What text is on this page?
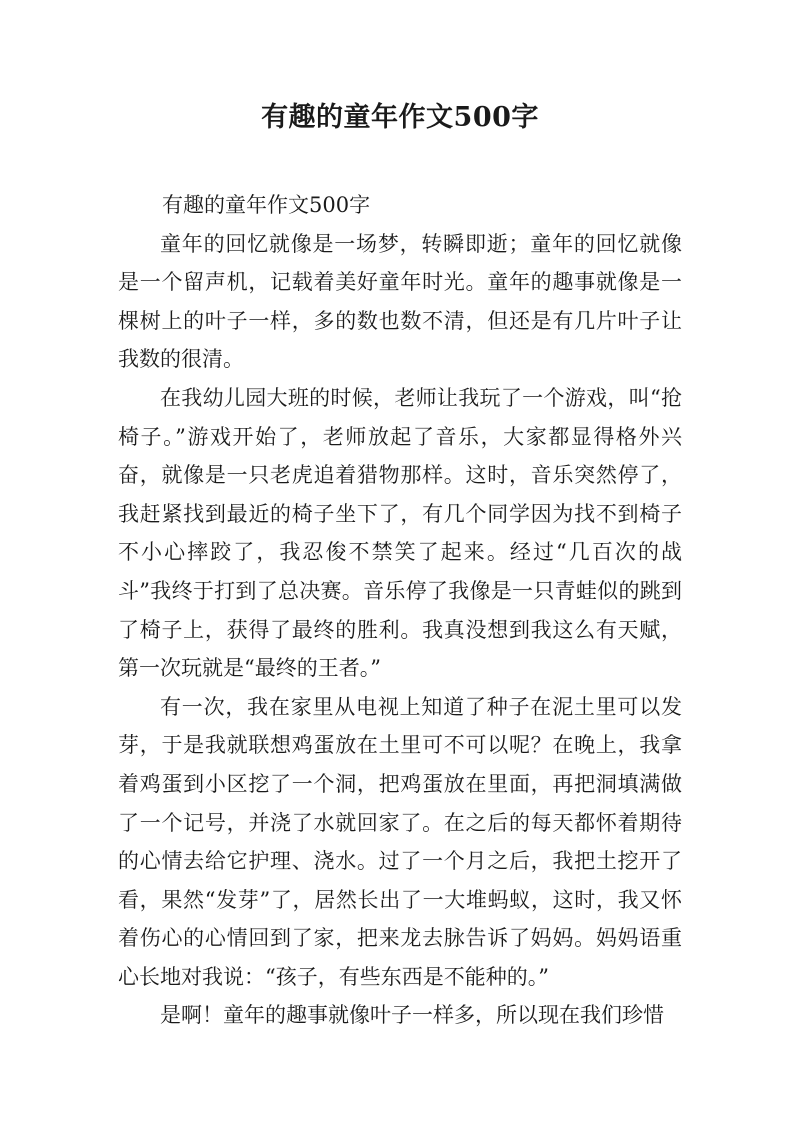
有趣的童年作文500字

有趣的童年作文500字

童年的回忆就像是一场梦，转瞬即逝；童年的回忆就像是一个留声机，记载着美好童年时光。童年的趣事就像是一棵树上的叶子一样，多的数也数不清，但还是有几片叶子让我数的很清。

在我幼儿园大班的时候，老师让我玩了一个游戏，叫“抢椅子。”游戏开始了，老师放起了音乐，大家都显得格外兴奋，就像是一只老虎追着猎物那样。这时，音乐突然停了，我赶紧找到最近的椅子坐下了，有几个同学因为找不到椅子不小心摔跤了，我忍俊不禁笑了起来。经过“几百次的战斗”我终于打到了总决赛。音乐停了我像是一只青蛙似的跳到了椅子上，获得了最终的胜利。我真没想到我这么有天赋，第一次玩就是“最终的王者。”

有一次，我在家里从电视上知道了种子在泥土里可以发芽，于是我就联想鸡蛋放在土里可不可以呢？在晚上，我拿着鸡蛋到小区挖了一个洞，把鸡蛋放在里面，再把洞填满做了一个记号，并浇了水就回家了。在之后的每天都怀着期待的心情去给它护理、浇水。过了一个月之后，我把土挖开了看，果然“发芽”了，居然长出了一大堆蚂蚁，这时，我又怀着伤心的心情回到了家，把来龙去脉告诉了妈妈。妈妈语重心长地对我说：“孩子，有些东西是不能种的。”

是啊！童年的趣事就像叶子一样多，所以现在我们珍惜
